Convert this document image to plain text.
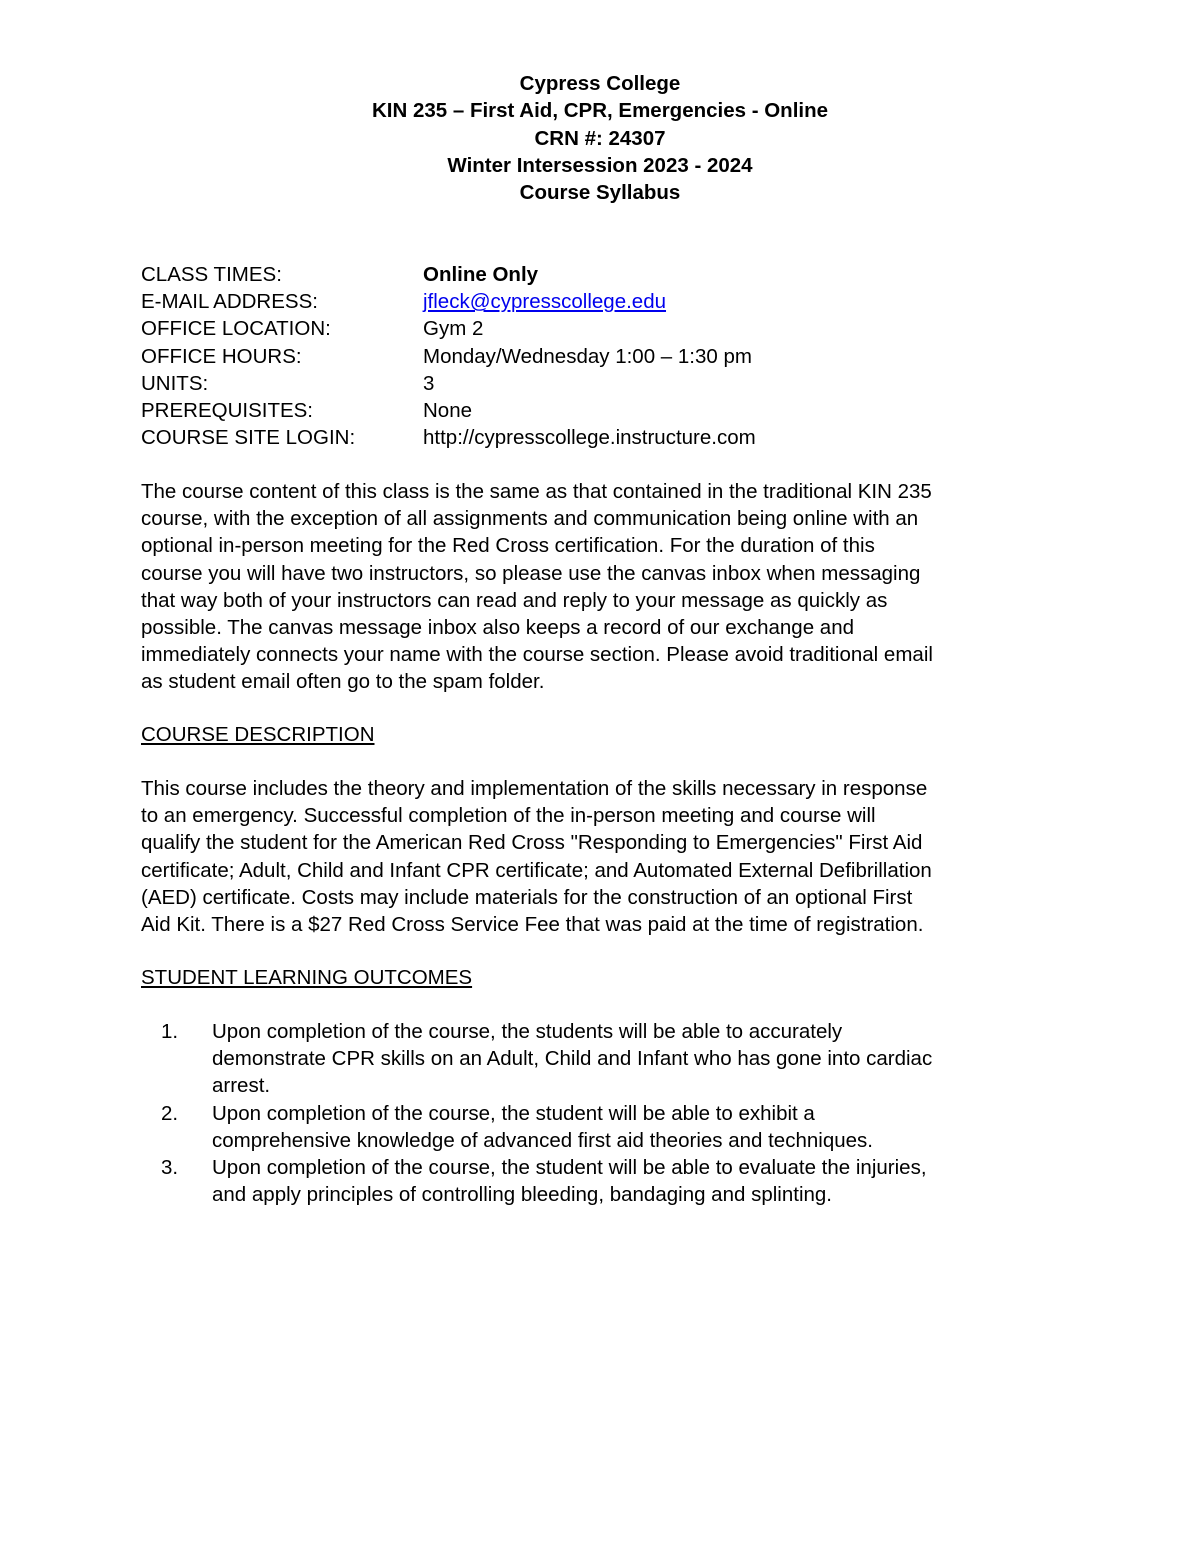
Cypress College
KIN 235 – First Aid, CPR, Emergencies - Online
CRN #: 24307
Winter Intersession 2023 - 2024
Course Syllabus
CLASS TIMES:	Online Only
E-MAIL ADDRESS:	jfleck@cypresscollege.edu
OFFICE LOCATION:	Gym 2
OFFICE HOURS:	Monday/Wednesday 1:00 – 1:30 pm
UNITS:	3
PREREQUISITES:	None
COURSE SITE LOGIN:	http://cypresscollege.instructure.com
The course content of this class is the same as that contained in the traditional KIN 235
course, with the exception of all assignments and communication being online with an
optional in-person meeting for the Red Cross certification. For the duration of this
course you will have two instructors, so please use the canvas inbox when messaging
that way both of your instructors can read and reply to your message as quickly as
possible. The canvas message inbox also keeps a record of our exchange and
immediately connects your name with the course section. Please avoid traditional email
as student email often go to the spam folder.
COURSE DESCRIPTION
This course includes the theory and implementation of the skills necessary in response
to an emergency. Successful completion of the in-person meeting and course will
qualify the student for the American Red Cross "Responding to Emergencies" First Aid
certificate; Adult, Child and Infant CPR certificate; and Automated External Defibrillation
(AED) certificate. Costs may include materials for the construction of an optional First
Aid Kit. There is a $27 Red Cross Service Fee that was paid at the time of registration.
STUDENT LEARNING OUTCOMES
1. Upon completion of the course, the students will be able to accurately
demonstrate CPR skills on an Adult, Child and Infant who has gone into cardiac
arrest.
2. Upon completion of the course, the student will be able to exhibit a
comprehensive knowledge of advanced first aid theories and techniques.
3. Upon completion of the course, the student will be able to evaluate the injuries,
and apply principles of controlling bleeding, bandaging and splinting.
